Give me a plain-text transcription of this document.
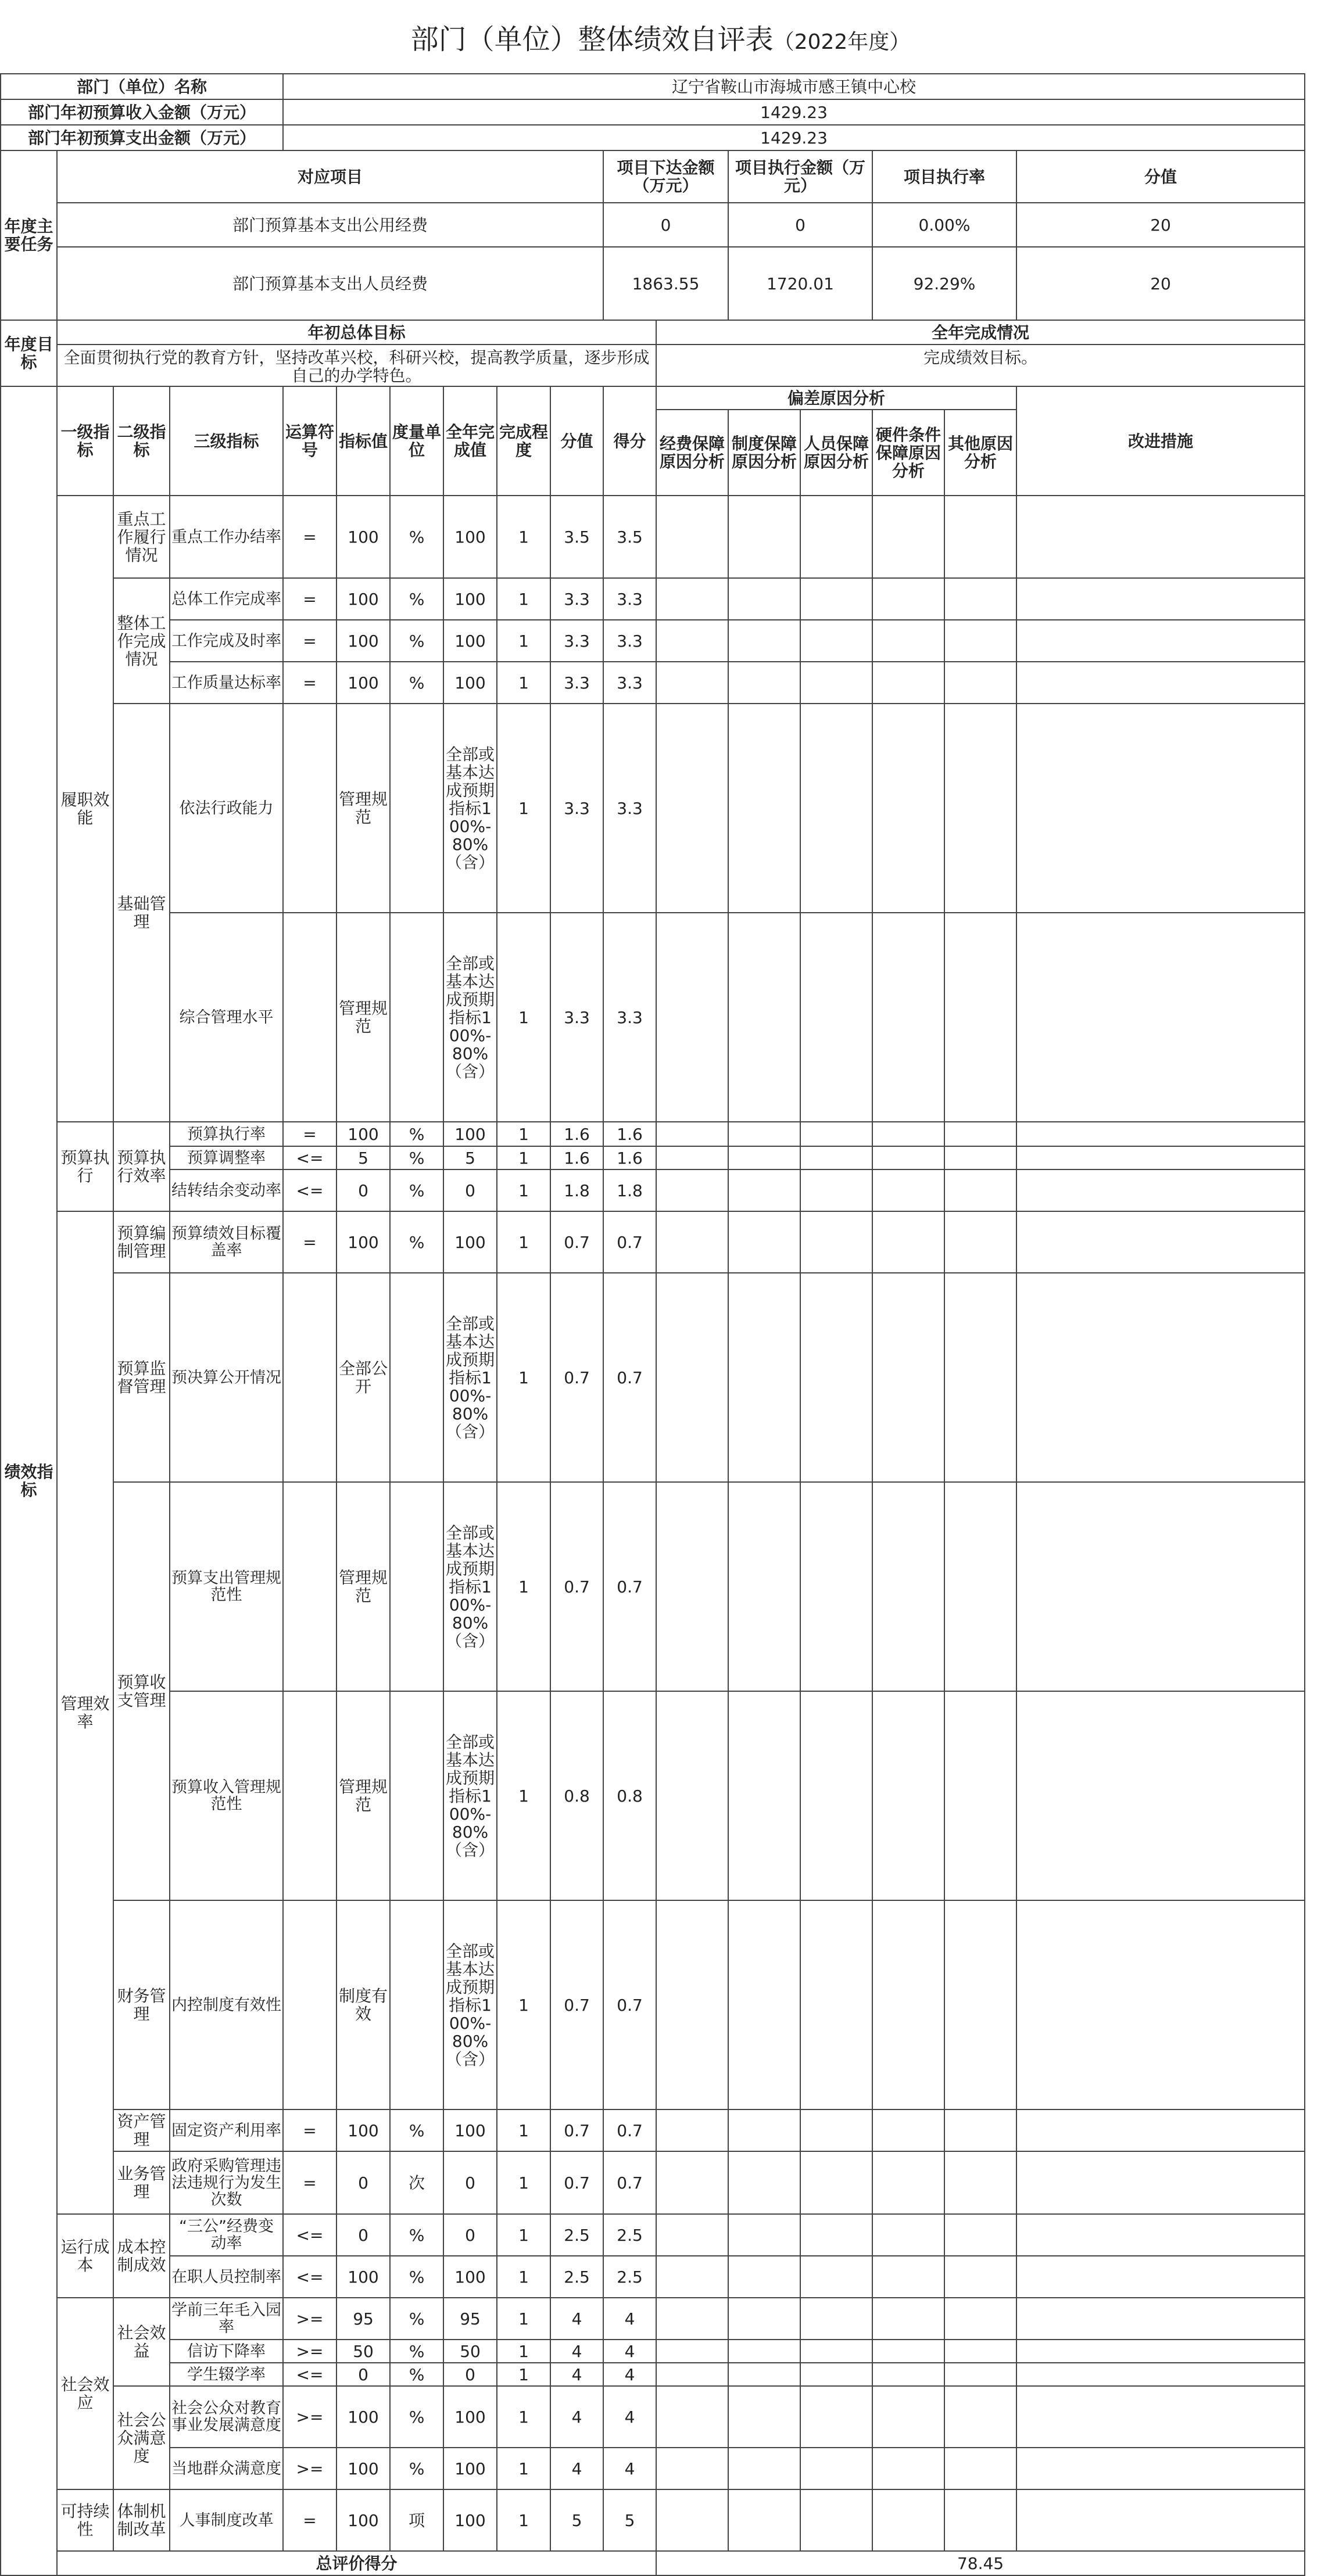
部门（单位）整体绩效自评表（2022年度）
部门（单位）名称				辽宁省鞍山市海城市感王镇中心校													
部门年初预算收入金额（万元）				1429.23													
部门年初预算支出金额（万元）				1429.23													
年度主要任务	对应项目									项目下达金额（万元）		项目执行金额（万元）		项目执行率		分值	
	部门预算基本支出公用经费									0		0		0.00%		20	
	部门预算基本支出人员经费									1863.55		1720.01		92.29%		20	
年度目标	年初总体目标										全年完成情况						
	全面贯彻执行党的教育方针，坚持改革兴校，科研兴校，提高教学质量，逐步形成自己的办学特色。										完成绩效目标。						
绩效指标	一级指标	二级指标	三级指标	运算符号	指标值	度量单位	全年完成值	完成程度	分值	得分	偏差原因分析					改进措施	
											经费保障原因分析	制度保障原因分析	人员保障原因分析	硬件条件保障原因分析	其他原因分析		
	履职效能	重点工作履行情况	重点工作办结率	=	100	%	100	1	3.5	3.5							
		整体工作完成情况	总体工作完成率	=	100	%	100	1	3.3	3.3							
			工作完成及时率	=	100	%	100	1	3.3	3.3							
			工作质量达标率	=	100	%	100	1	3.3	3.3							
		基础管理	依法行政能力		管理规范		全部或基本达成预期指标100%-80%（含）	1	3.3	3.3							
			综合管理水平		管理规范		全部或基本达成预期指标100%-80%（含）	1	3.3	3.3							
	预算执行	预算执行效率	预算执行率	=	100	%	100	1	1.6	1.6							
			预算调整率	<=	5	%	5	1	1.6	1.6							
			结转结余变动率	<=	0	%	0	1	1.8	1.8							
	管理效率	预算编制管理	预算绩效目标覆盖率	=	100	%	100	1	0.7	0.7							
		预算监督管理	预决算公开情况		全部公开		全部或基本达成预期指标100%-80%（含）	1	0.7	0.7							
		预算收支管理	预算支出管理规范性		管理规范		全部或基本达成预期指标100%-80%（含）	1	0.7	0.7							
			预算收入管理规范性		管理规范		全部或基本达成预期指标100%-80%（含）	1	0.8	0.8							
		财务管理	内控制度有效性		制度有效		全部或基本达成预期指标100%-80%（含）	1	0.7	0.7							
		资产管理	固定资产利用率	=	100	%	100	1	0.7	0.7							
		业务管理	政府采购管理违法违规行为发生次数	=	0	次	0	1	0.7	0.7							
	运行成本	成本控制成效	“三公”经费变动率	<=	0	%	0	1	2.5	2.5							
			在职人员控制率	<=	100	%	100	1	2.5	2.5							
	社会效应	社会效益	学前三年毛入园率	>=	95	%	95	1	4	4							
			信访下降率	>=	50	%	50	1	4	4							
			学生辍学率	<=	0	%	0	1	4	4							
		社会公众满意度	社会公众对教育事业发展满意度	>=	100	%	100	1	4	4							
			当地群众满意度	>=	100	%	100	1	4	4							
	可持续性	体制机制改革	人事制度改革	=	100	项	100	1	5	5							
	总评价得分										78.45						
